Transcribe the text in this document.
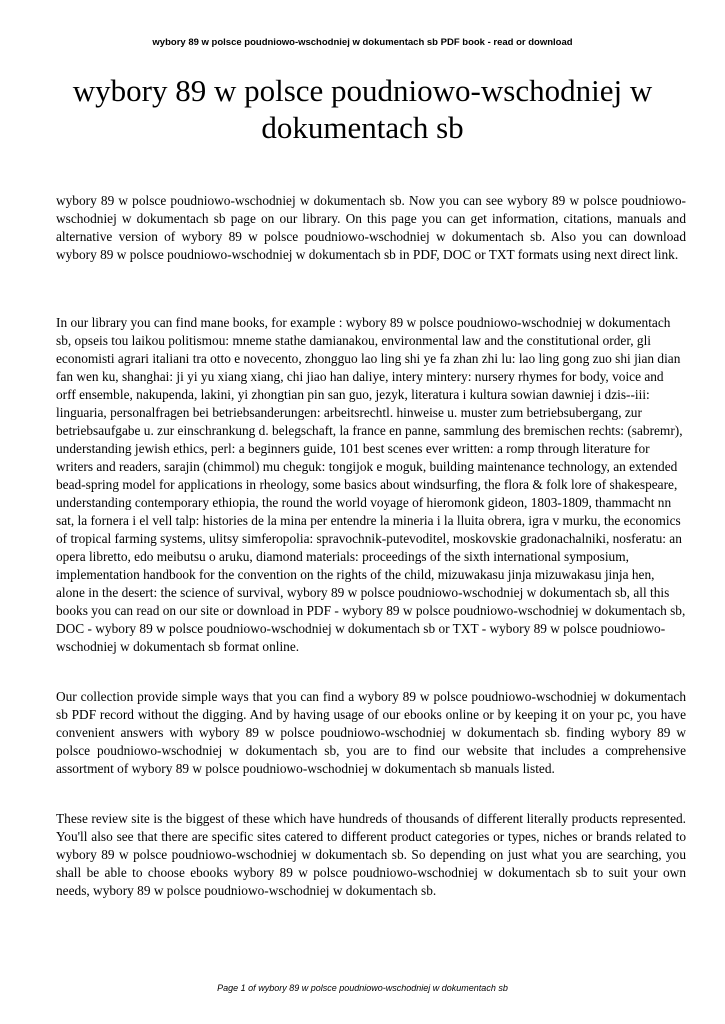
wybory 89 w polsce poudniowo-wschodniej w dokumentach sb PDF book - read or download
wybory 89 w polsce poudniowo-wschodniej w dokumentach sb

wybory 89 w polsce poudniowo-wschodniej w dokumentach sb. Now you can see wybory 89 w polsce poudniowo-wschodniej w dokumentach sb page on our library. On this page you can get information, citations, manuals and alternative version of wybory 89 w polsce poudniowo-wschodniej w dokumentach sb. Also you can download wybory 89 w polsce poudniowo-wschodniej w dokumentach sb in PDF, DOC or TXT formats using next direct link.

In our library you can find mane books, for example : wybory 89 w polsce poudniowo-wschodniej w dokumentach sb, opseis tou laikou politismou: mneme stathe damianakou, environmental law and the constitutional order, gli economisti agrari italiani tra otto e novecento, zhongguo lao ling shi ye fa zhan zhi lu: lao ling gong zuo shi jian dian fan wen ku, shanghai: ji yi yu xiang xiang, chi jiao han daliye, intery mintery: nursery rhymes for body, voice and orff ensemble, nakupenda, lakini, yi zhongtian pin san guo, jezyk, literatura i kultura sowian dawniej i dzis--iii: linguaria, personalfragen bei betriebsanderungen: arbeitsrechtl. hinweise u. muster zum betriebsubergang, zur betriebsaufgabe u. zur einschrankung d. belegschaft, la france en panne, sammlung des bremischen rechts: (sabremr), understanding jewish ethics, perl: a beginners guide, 101 best scenes ever written: a romp through literature for writers and readers, sarajin (chimmol) mu cheguk: tongijok e moguk, building maintenance technology, an extended bead-spring model for applications in rheology, some basics about windsurfing, the flora & folk lore of shakespeare, understanding contemporary ethiopia, the round the world voyage of hieromonk gideon, 1803-1809, thammacht nn sat, la fornera i el vell talp: histories de la mina per entendre la mineria i la lluita obrera, igra v murku, the economics of tropical farming systems, ulitsy simferopolia: spravochnik-putevoditel, moskovskie gradonachalniki, nosferatu: an opera libretto, edo meibutsu o aruku, diamond materials: proceedings of the sixth international symposium, implementation handbook for the convention on the rights of the child, mizuwakasu jinja mizuwakasu jinja hen, alone in the desert: the science of survival, wybory 89 w polsce poudniowo-wschodniej w dokumentach sb, all this books you can read on our site or download in PDF - wybory 89 w polsce poudniowo-wschodniej w dokumentach sb, DOC - wybory 89 w polsce poudniowo-wschodniej w dokumentach sb or TXT - wybory 89 w polsce poudniowo-wschodniej w dokumentach sb format online.

Our collection provide simple ways that you can find a wybory 89 w polsce poudniowo-wschodniej w dokumentach sb PDF record without the digging. And by having usage of our ebooks online or by keeping it on your pc, you have convenient answers with wybory 89 w polsce poudniowo-wschodniej w dokumentach sb. finding wybory 89 w polsce poudniowo-wschodniej w dokumentach sb, you are to find our website that includes a comprehensive assortment of wybory 89 w polsce poudniowo-wschodniej w dokumentach sb manuals listed.

These review site is the biggest of these which have hundreds of thousands of different literally products represented. You'll also see that there are specific sites catered to different product categories or types, niches or brands related to wybory 89 w polsce poudniowo-wschodniej w dokumentach sb. So depending on just what you are searching, you shall be able to choose ebooks wybory 89 w polsce poudniowo-wschodniej w dokumentach sb to suit your own needs, wybory 89 w polsce poudniowo-wschodniej w dokumentach sb.

Page 1 of wybory 89 w polsce poudniowo-wschodniej w dokumentach sb
